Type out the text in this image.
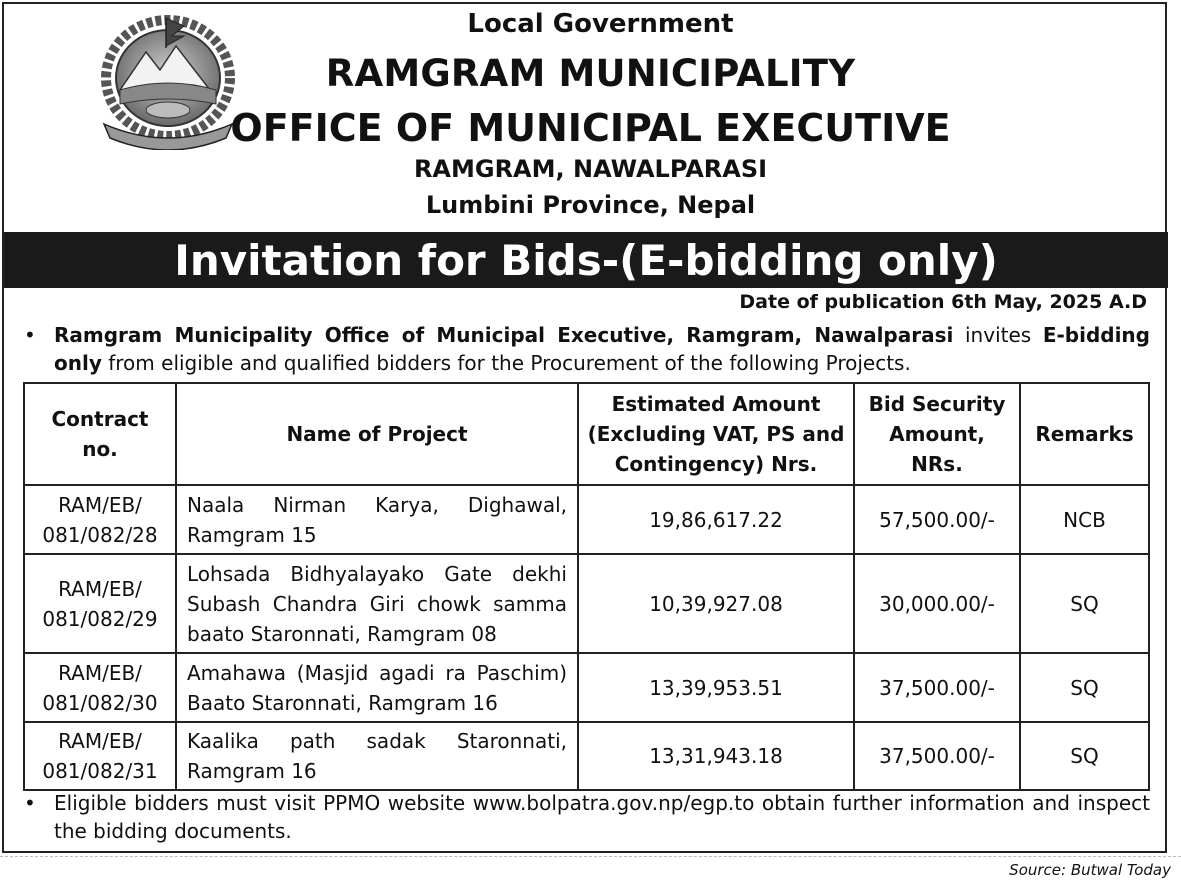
Local Government
RAMGRAM MUNICIPALITY
OFFICE OF MUNICIPAL EXECUTIVE
RAMGRAM, NAWALPARASI
Lumbini Province, Nepal
Invitation for Bids-(E-bidding only)
Date of publication 6th May, 2025 A.D
• Ramgram Municipality Office of Municipal Executive, Ramgram, Nawalparasi invites E-bidding only from eligible and qualified bidders for the Procurement of the following Projects.
Contract no.	Name of Project	Estimated Amount (Excluding VAT, PS and Contingency) Nrs.	Bid Security Amount, NRs.	Remarks
RAM/EB/ 081/082/28	Naala Nirman Karya, Dighawal, Ramgram 15	19,86,617.22	57,500.00/-	NCB
RAM/EB/ 081/082/29	Lohsada Bidhyalayako Gate dekhi Subash Chandra Giri chowk samma baato Staronnati, Ramgram 08	10,39,927.08	30,000.00/-	SQ
RAM/EB/ 081/082/30	Amahawa (Masjid agadi ra Paschim) Baato Staronnati, Ramgram 16	13,39,953.51	37,500.00/-	SQ
RAM/EB/ 081/082/31	Kaalika path sadak Staronnati, Ramgram 16	13,31,943.18	37,500.00/-	SQ
• Eligible bidders must visit PPMO website www.bolpatra.gov.np/egp.to obtain further information and inspect the bidding documents.
Source: Butwal Today
